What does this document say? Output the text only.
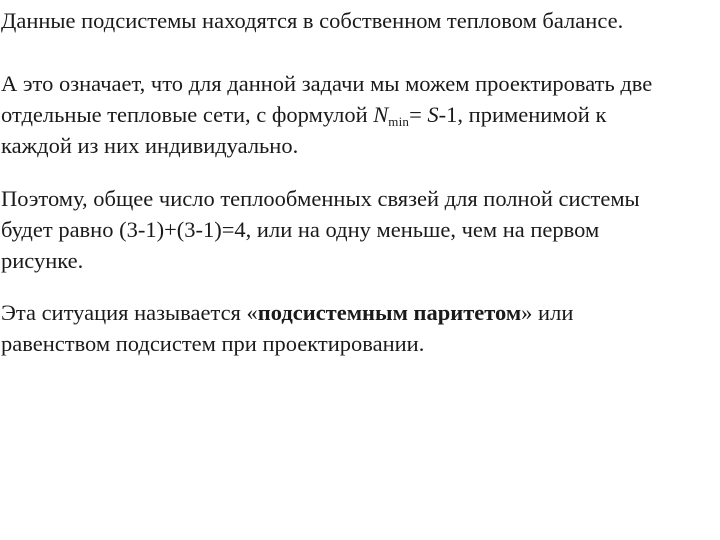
Данные подсистемы находятся в собственном тепловом балансе.

А это означает, что для данной задачи мы можем проектировать две
отдельные тепловые сети, с формулой Nmin= S-1, применимой к
каждой из них индивидуально.

Поэтому, общее число теплообменных связей для полной системы
будет равно (3-1)+(3-1)=4, или на одну меньше, чем на первом
рисунке.

Эта ситуация называется «подсистемным паритетом» или
равенством подсистем при проектировании.
